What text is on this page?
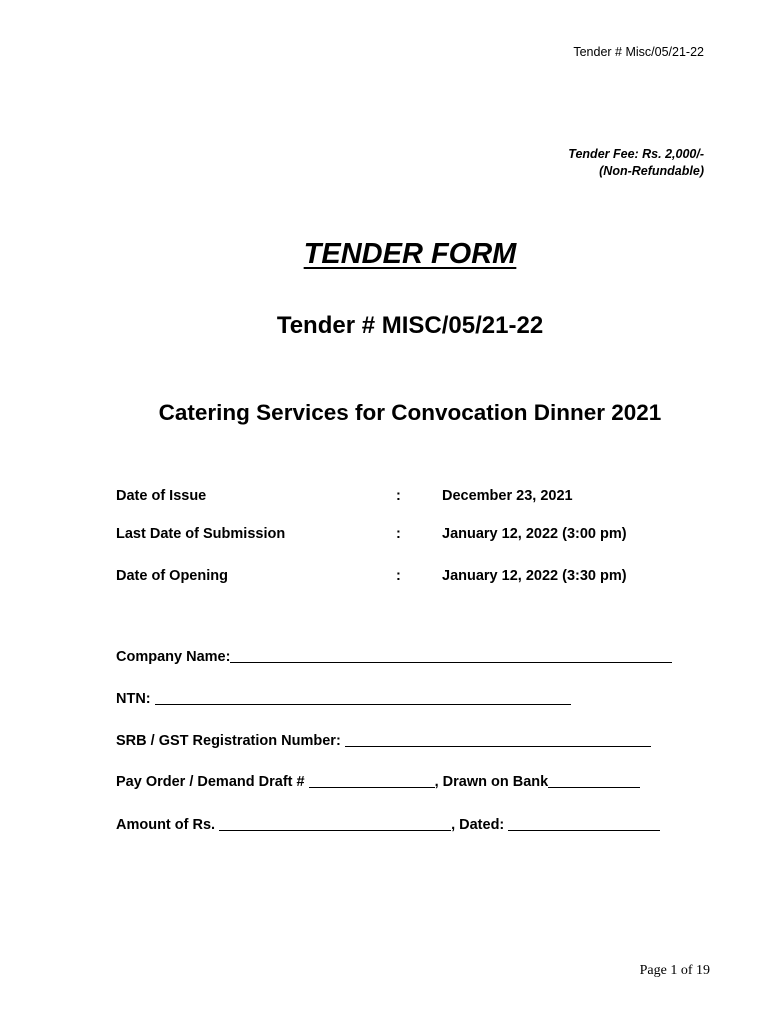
Tender # Misc/05/21-22
Tender Fee: Rs. 2,000/-
(Non-Refundable)
TENDER FORM
Tender # MISC/05/21-22
Catering Services for Convocation Dinner 2021
Date of Issue	:	December 23, 2021
Last Date of Submission	:	January 12, 2022 (3:00 pm)
Date of Opening	:	January 12, 2022 (3:30 pm)
Company Name:
NTN:
SRB / GST Registration Number:
Pay Order / Demand Draft #	, Drawn on Bank
Amount of Rs.	, Dated:
Page 1 of 19
